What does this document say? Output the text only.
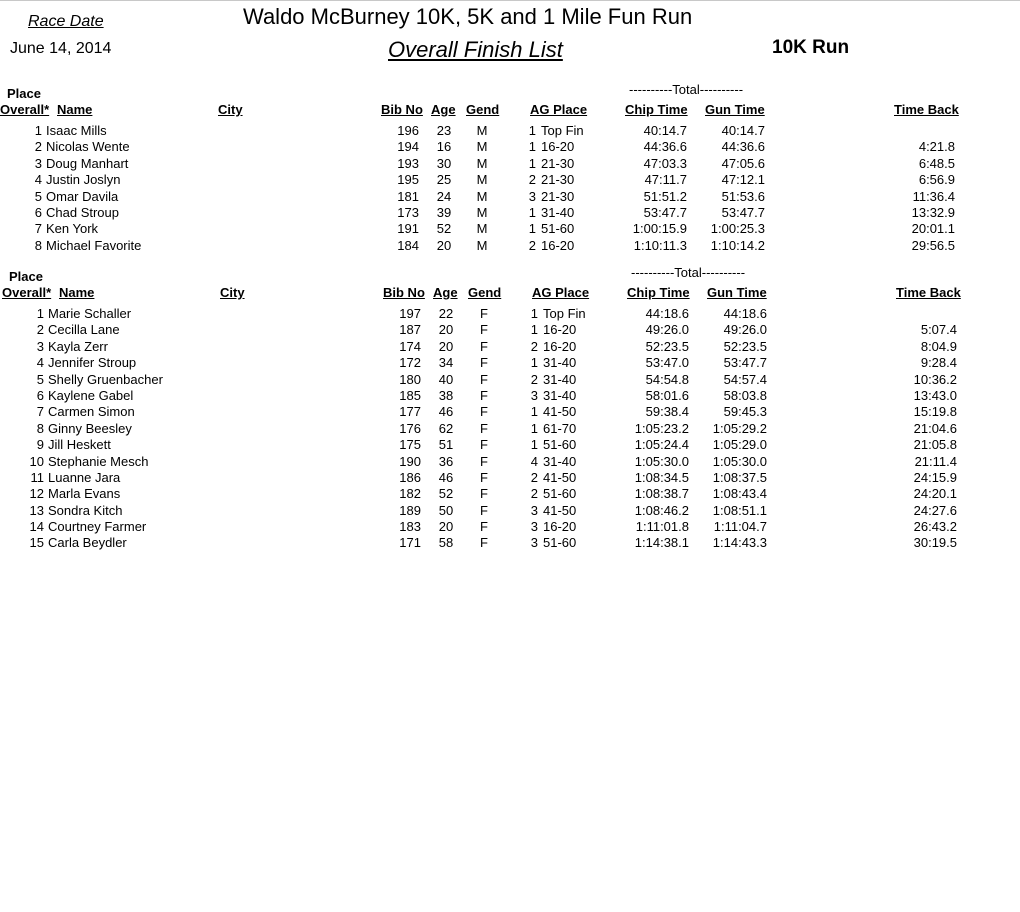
Race Date
June 14, 2014
Waldo McBurney 10K, 5K and 1 Mile Fun Run
Overall Finish List	10K Run
Place
Overall* Name	City	Bib No Age Gend AG Place
----------Total----------
Chip Time Gun Time	Time Back
1 Isaac Mills	196	23	M	1 Top Fin	40:14.7	40:14.7
2 Nicolas Wente	194	16	M	1 16-20	44:36.6	44:36.6	4:21.8
3 Doug Manhart	193	30	M	1 21-30	47:03.3	47:05.6	6:48.5
4 Justin Joslyn	195	25	M	2 21-30	47:11.7	47:12.1	6:56.9
5 Omar Davila	181	24	M	3 21-30	51:51.2	51:53.6	11:36.4
6 Chad Stroup	173	39	M	1 31-40	53:47.7	53:47.7	13:32.9
7 Ken York	191	52	M	1 51-60	1:00:15.9 1:00:25.3	20:01.1
8 Michael Favorite	184	20	M	2 16-20	1:10:11.3 1:10:14.2	29:56.5
Place
Overall* Name	City	Bib No Age Gend AG Place
----------Total----------
Chip Time Gun Time	Time Back
1 Marie Schaller	197	22	F	1 Top Fin	44:18.6	44:18.6
2 Cecilla Lane	187	20	F	1 16-20	49:26.0	49:26.0	5:07.4
3 Kayla Zerr	174	20	F	2 16-20	52:23.5	52:23.5	8:04.9
4 Jennifer Stroup	172	34	F	1 31-40	53:47.0	53:47.7	9:28.4
5 Shelly Gruenbacher	180	40	F	2 31-40	54:54.8	54:57.4	10:36.2
6 Kaylene Gabel	185	38	F	3 31-40	58:01.6	58:03.8	13:43.0
7 Carmen Simon	177	46	F	1 41-50	59:38.4	59:45.3	15:19.8
8 Ginny Beesley	176	62	F	1 61-70	1:05:23.2 1:05:29.2	21:04.6
9 Jill Heskett	175	51	F	1 51-60	1:05:24.4 1:05:29.0	21:05.8
10 Stephanie Mesch	190	36	F	4 31-40	1:05:30.0 1:05:30.0	21:11.4
11 Luanne Jara	186	46	F	2 41-50	1:08:34.5 1:08:37.5	24:15.9
12 Marla Evans	182	52	F	2 51-60	1:08:38.7 1:08:43.4	24:20.1
13 Sondra Kitch	189	50	F	3 41-50	1:08:46.2 1:08:51.1	24:27.6
14 Courtney Farmer	183	20	F	3 16-20	1:11:01.8 1:11:04.7	26:43.2
15 Carla Beydler	171	58	F	3 51-60	1:14:38.1 1:14:43.3	30:19.5
